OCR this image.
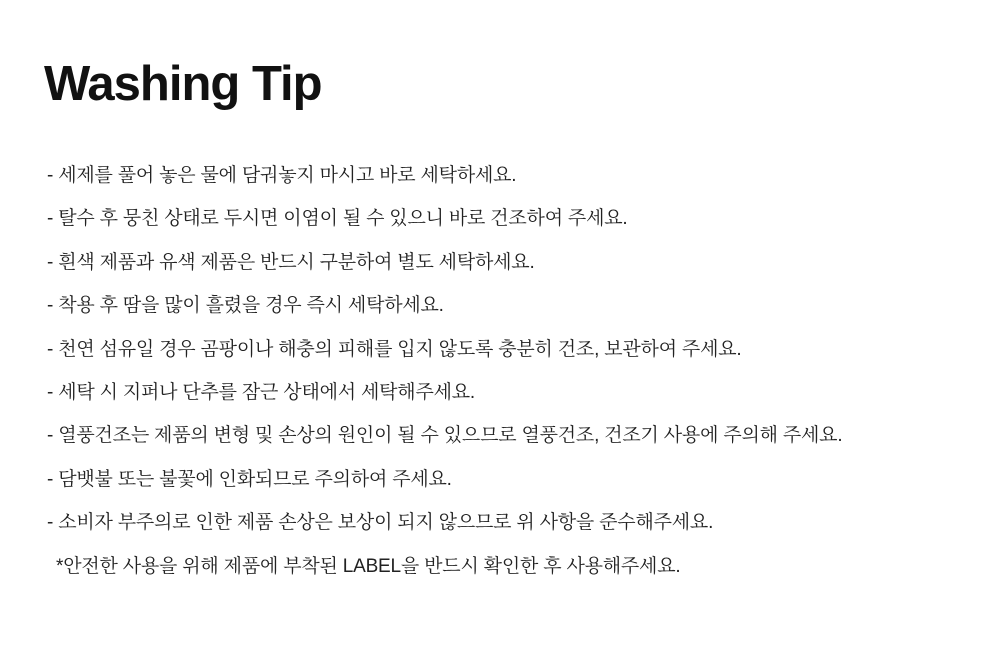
Washing Tip

- 세제를 풀어 놓은 물에 담궈놓지 마시고 바로 세탁하세요.

- 탈수 후 뭉친 상태로 두시면 이염이 될 수 있으니 바로 건조하여 주세요.

- 흰색 제품과 유색 제품은 반드시 구분하여 별도 세탁하세요.

- 착용 후 땀을 많이 흘렸을 경우 즉시 세탁하세요.

- 천연 섬유일 경우 곰팡이나 해충의 피해를 입지 않도록 충분히 건조, 보관하여 주세요.

- 세탁 시 지퍼나 단추를 잠근 상태에서 세탁해주세요.

- 열풍건조는 제품의 변형 및 손상의 원인이 될 수 있으므로 열풍건조, 건조기 사용에 주의해 주세요.

- 담뱃불 또는 불꽃에 인화되므로 주의하여 주세요.

- 소비자 부주의로 인한 제품 손상은 보상이 되지 않으므로 위 사항을 준수해주세요.

*안전한 사용을 위해 제품에 부착된 LABEL을 반드시 확인한 후 사용해주세요.
